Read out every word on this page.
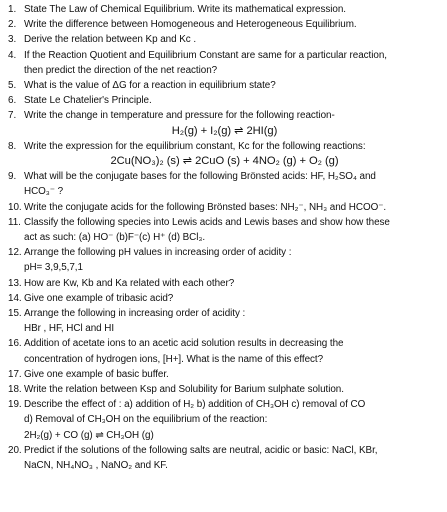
1. State The Law of Chemical Equilibrium. Write its mathematical expression.
2. Write the difference between Homogeneous and Heterogeneous Equilibrium.
3. Derive the relation between Kp and Kc .
4. If the Reaction Quotient and Equilibrium Constant are same for a particular reaction,
then predict the direction of the net reaction?
5. What is the value of ΔG for a reaction in equilibrium state?
6. State Le Chatelier's Principle.
7. Write the change in temperature and pressure for the following reaction-
H₂(g) + I₂(g) ⇌ 2HI(g)
8. Write the expression for the equilibrium constant, Kc for the following reactions:
2Cu(NO₃)₂ (s) ⇌ 2CuO (s) + 4NO₂ (g) + O₂ (g)
9. What will be the conjugate bases for the following Brönsted acids: HF, H₂SO₄ and
HCO₃⁻ ?
10. Write the conjugate acids for the following Brönsted bases: NH₂⁻, NH₃ and HCOO⁻.
11. Classify the following species into Lewis acids and Lewis bases and show how these
act as such: (a) HO⁻ (b)F⁻(c) H⁺ (d) BCl₃.
12. Arrange the following pH values in increasing order of acidity :
pH= 3,9,5,7,1
13. How are Kw, Kb and Ka related with each other?
14. Give one example of tribasic acid?
15. Arrange the following in increasing order of acidity :
HBr , HF, HCl and HI
16. Addition of acetate ions to an acetic acid solution results in decreasing the
concentration of hydrogen ions, [H+]. What is the name of this effect?
17. Give one example of basic buffer.
18. Write the relation between Ksp and Solubility for Barium sulphate solution.
19. Describe the effect of : a) addition of H₂ b) addition of CH₃OH c) removal of CO
d) Removal of CH₃OH on the equilibrium of the reaction:
2H₂(g) + CO (g) ⇌ CH₃OH (g)
20. Predict if the solutions of the following salts are neutral, acidic or basic: NaCl, KBr,
NaCN, NH₄NO₃ , NaNO₂ and KF.
